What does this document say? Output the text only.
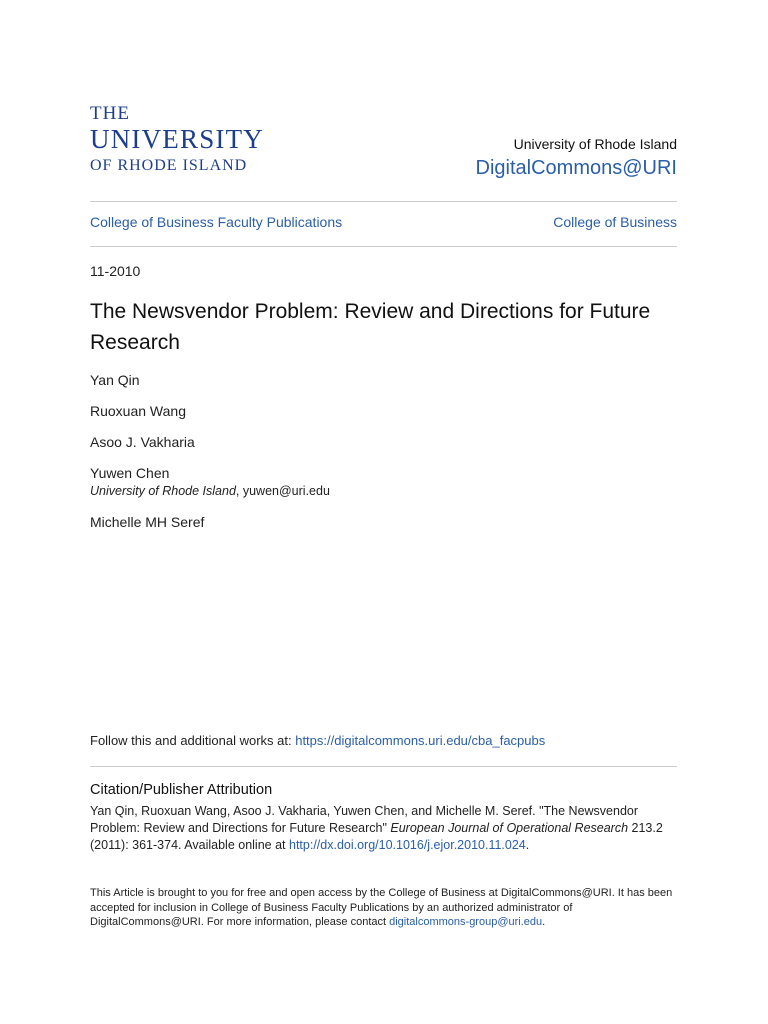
THE
UNIVERSITY
OF RHODE ISLAND
University of Rhode Island
DigitalCommons@URI
College of Business Faculty Publications	College of Business
11-2010
The Newsvendor Problem: Review and Directions for Future Research
Yan Qin
Ruoxuan Wang
Asoo J. Vakharia
Yuwen Chen
University of Rhode Island, yuwen@uri.edu
Michelle MH Seref
Follow this and additional works at: https://digitalcommons.uri.edu/cba_facpubs
Citation/Publisher Attribution
Yan Qin, Ruoxuan Wang, Asoo J. Vakharia, Yuwen Chen, and Michelle M. Seref. "The Newsvendor Problem: Review and Directions for Future Research" European Journal of Operational Research 213.2 (2011): 361-374. Available online at http://dx.doi.org/10.1016/j.ejor.2010.11.024.
This Article is brought to you for free and open access by the College of Business at DigitalCommons@URI. It has been accepted for inclusion in College of Business Faculty Publications by an authorized administrator of DigitalCommons@URI. For more information, please contact digitalcommons-group@uri.edu.
